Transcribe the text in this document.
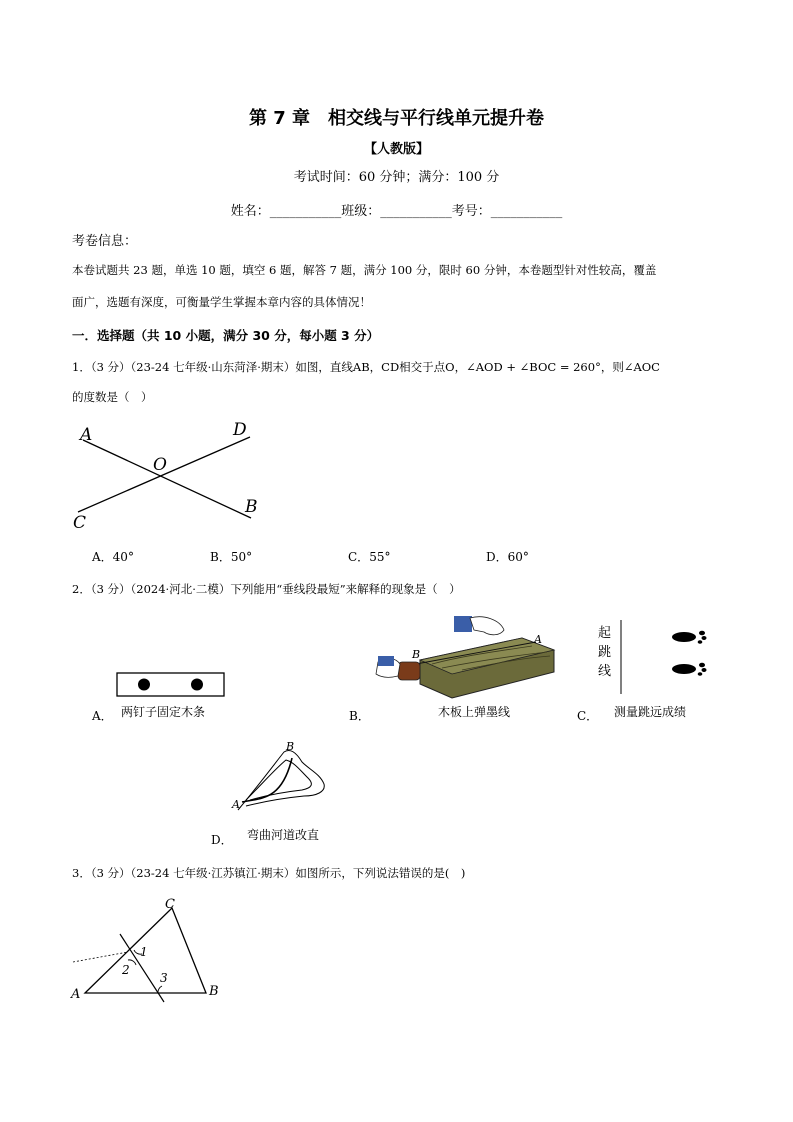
第 7 章　相交线与平行线单元提升卷
【人教版】
考试时间：60 分钟；满分：100 分
姓名：___________班级：___________考号：___________
考卷信息：
本卷试题共 23 题，单选 10 题，填空 6 题，解答 7 题，满分 100 分，限时 60 分钟，本卷题型针对性较高，覆盖
面广，选题有深度，可衡量学生掌握本章内容的具体情况！
一．选择题（共 10 小题，满分 30 分，每小题 3 分）
1．（3 分）（23-24 七年级·山东菏泽·期末）如图，直线AB，CD相交于点O，∠AOD + ∠BOC = 260°，则∠AOC
的度数是（　）
A	D
O
B
C
A．40°	B．50°	C．55°	D．60°
2．（3 分）（2024·河北·二模）下列能用“垂线段最短”来解释的现象是（　）
A． 两钉子固定木条	B．
B
A
木板上弹墨线	C．
起
跳
线
测量跳远成绩
A
B
D． 弯曲河道改直
3．（3 分）（23-24 七年级·江苏镇江·期末）如图所示，下列说法错误的是(　)
C
A	B
1
2
3
